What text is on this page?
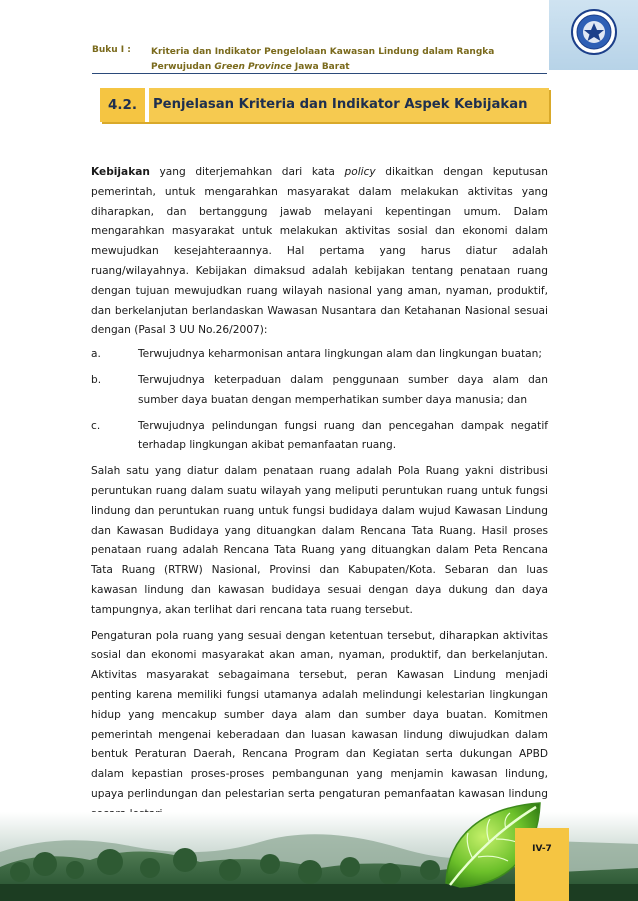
Buku I : Kriteria dan Indikator Pengelolaan Kawasan Lindung dalam Rangka
Perwujudan Green Province Jawa Barat
4.2.	Penjelasan Kriteria dan Indikator Aspek Kebijakan

Kebijakan yang diterjemahkan dari kata policy dikaitkan dengan keputusan pemerintah, untuk mengarahkan masyarakat dalam melakukan aktivitas yang diharapkan, dan bertanggung jawab melayani kepentingan umum. Dalam mengarahkan masyarakat untuk melakukan aktivitas sosial dan ekonomi dalam mewujudkan kesejahteraannya. Hal pertama yang harus diatur adalah ruang/wilayahnya. Kebijakan dimaksud adalah kebijakan tentang penataan ruang dengan tujuan mewujudkan ruang wilayah nasional yang aman, nyaman, produktif, dan berkelanjutan berlandaskan Wawasan Nusantara dan Ketahanan Nasional sesuai dengan (Pasal 3 UU No.26/2007):

a.	Terwujudnya keharmonisan antara lingkungan alam dan lingkungan buatan;
b.	Terwujudnya keterpaduan dalam penggunaan sumber daya alam dan sumber daya buatan dengan memperhatikan sumber daya manusia; dan
c.	Terwujudnya pelindungan fungsi ruang dan pencegahan dampak negatif terhadap lingkungan akibat pemanfaatan ruang.

Salah satu yang diatur dalam penataan ruang adalah Pola Ruang yakni distribusi peruntukan ruang dalam suatu wilayah yang meliputi peruntukan ruang untuk fungsi lindung dan peruntukan ruang untuk fungsi budidaya dalam wujud Kawasan Lindung dan Kawasan Budidaya yang dituangkan dalam Rencana Tata Ruang. Hasil proses penataan ruang adalah Rencana Tata Ruang yang dituangkan dalam Peta Rencana Tata Ruang (RTRW) Nasional, Provinsi dan Kabupaten/Kota. Sebaran dan luas kawasan lindung dan kawasan budidaya sesuai dengan daya dukung dan daya tampungnya, akan terlihat dari rencana tata ruang tersebut.

Pengaturan pola ruang yang sesuai dengan ketentuan tersebut, diharapkan aktivitas sosial dan ekonomi masyarakat akan aman, nyaman, produktif, dan berkelanjutan. Aktivitas masyarakat sebagaimana tersebut, peran Kawasan Lindung menjadi penting karena memiliki fungsi utamanya adalah melindungi kelestarian lingkungan hidup yang mencakup sumber daya alam dan sumber daya buatan. Komitmen pemerintah mengenai keberadaan dan luasan kawasan lindung diwujudkan dalam bentuk Peraturan Daerah, Rencana Program dan Kegiatan serta dukungan APBD dalam kepastian proses-proses pembangunan yang menjamin kawasan lindung, upaya perlindungan dan pelestarian serta pengaturan pemanfaatan kawasan lindung

IV-7
